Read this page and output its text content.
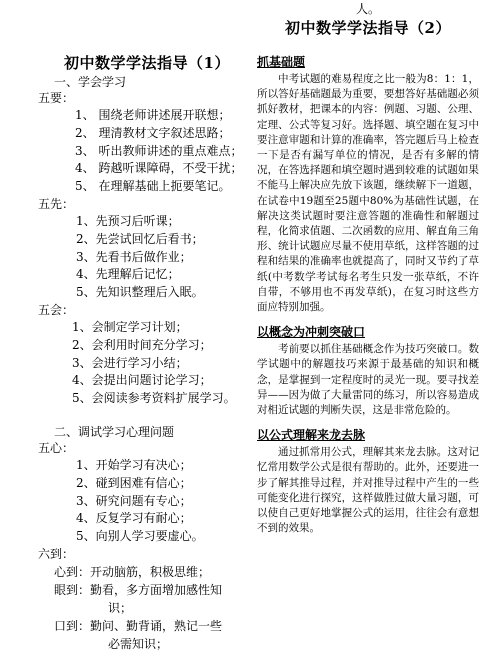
初中数学学法指导（1）
一、学会学习
五要：
1、 围绕老师讲述展开联想；
2、 理清教材文字叙述思路；
3、 听出教师讲述的重点难点；
4、 跨越听课障碍，不受干扰；
5、 在理解基础上扼要笔记。
五先：
1、先预习后听课；
2、先尝试回忆后看书；
3、先看书后做作业；
4、先理解后记忆；
5、先知识整理后入眠。
五会：
1、会制定学习计划；
2、会利用时间充分学习；
3、会进行学习小结；
4、会提出问题讨论学习；
5、会阅读参考资料扩展学习。
二、调试学习心理问题
五心：
1、开始学习有决心；
2、碰到困难有信心；
3、研究问题有专心；
4、反复学习有耐心；
5、向别人学习要虚心。
六到：
心到：开动脑筋，积极思维；
眼到：勤看，多方面增加感性知
识；
口到：勤问、勤背诵，熟记一些
必需知识；
人。
初中数学学法指导（2）
抓基础题
中考试题的难易程度之比一般为8：1：1，所以答好基础题最为重要，要想答好基础题必须抓好教材，把课本的内容：例题、习题、公理、定理、公式等复习好。选择题、填空题在复习中要注意审题和计算的准确率，答完题后马上检查一下是否有漏写单位的情况，是否有多解的情况，在答选择题和填空题时遇到较难的试题如果不能马上解决应先放下该题，继续解下一道题，在试卷中19题至25题中80%为基础性试题，在解决这类试题时要注意答题的准确性和解题过程，化简求值题、二次函数的应用、解直角三角形、统计试题应尽量不使用草纸，这样答题的过程和结果的准确率也就提高了，同时又节约了草纸(中考数学考试每名考生只发一张草纸，不许自带，不够用也不再发草纸)，在复习时这些方面应特别加强。
以概念为冲刺突破口
考前要以抓住基础概念作为技巧突破口。数学试题中的解题技巧来源于最基础的知识和概念，是掌握到一定程度时的灵光一现。要寻找差异——因为做了大量雷同的练习，所以容易造成对相近试题的判断失误，这是非常危险的。
以公式理解来龙去脉
通过抓常用公式，理解其来龙去脉。这对记忆常用数学公式是很有帮助的。此外，还要进一步了解其推导过程，并对推导过程中产生的一些可能变化进行探究，这样做胜过做大量习题，可以使自己更好地掌握公式的运用，往往会有意想不到的效果。
